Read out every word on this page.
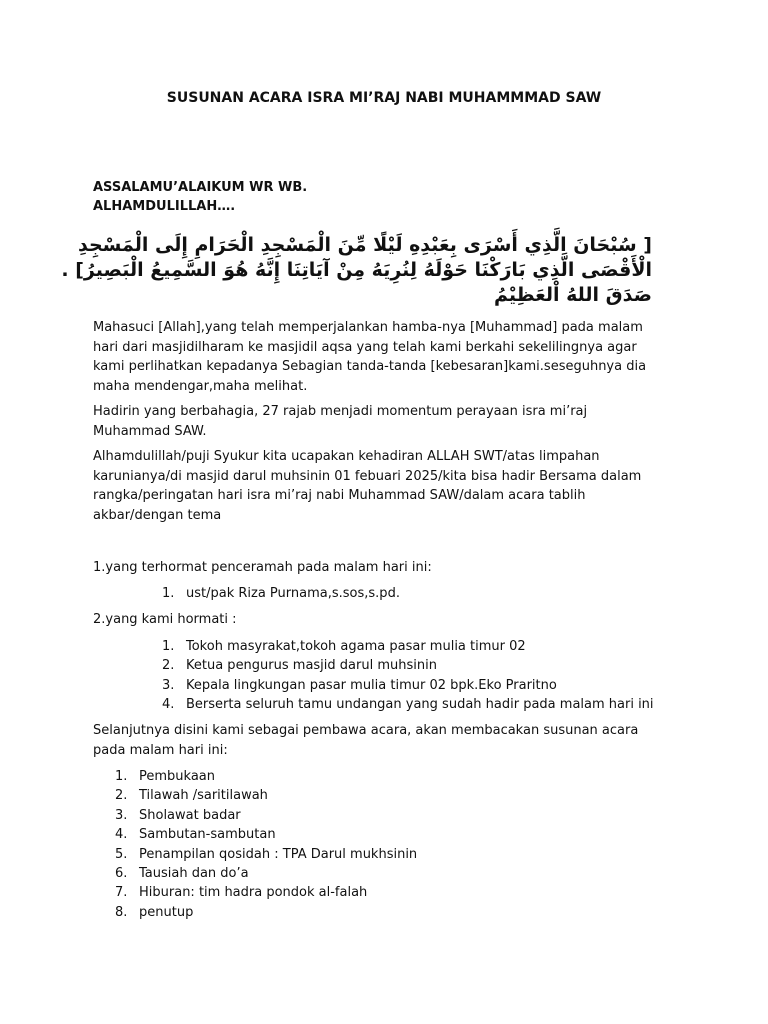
SUSUNAN ACARA ISRA MI’RAJ NABI MUHAMMMAD SAW
ASSALAMU’ALAIKUM WR WB.
ALHAMDULILLAH….
[ سُبْحَانَ الَّذِي أَسْرَى بِعَبْدِهِ لَيْلًا مِّنَ الْمَسْجِدِ الْحَرَامِ إِلَى الْمَسْجِدِ
الْأَقْصَى الَّذِي بَارَكْنَا حَوْلَهُ لِنُرِيَهُ مِنْ آيَاتِنَا إِنَّهُ هُوَ السَّمِيعُ الْبَصِيرُ] .
صَدَقَ اللهُ اْلعَظِيْمُ

Mahasuci [Allah],yang telah memperjalankan hamba-nya [Muhammad] pada malam hari dari masjidilharam ke masjidil aqsa yang telah kami berkahi sekelilingnya agar kami perlihatkan kepadanya Sebagian tanda-tanda [kebesaran]kami.seseguhnya dia maha mendengar,maha melihat.

Hadirin yang berbahagia, 27 rajab menjadi momentum perayaan isra mi’raj Muhammad SAW.

Alhamdulillah/puji Syukur kita ucapakan kehadiran ALLAH SWT/atas limpahan karunianya/di masjid darul muhsinin 01 febuari 2025/kita bisa hadir Bersama dalam rangka/peringatan hari isra mi’raj nabi Muhammad SAW/dalam acara tablih akbar/dengan tema

1.yang terhormat penceramah pada malam hari ini:
1. ust/pak Riza Purnama,s.sos,s.pd.
2.yang kami hormati :
1. Tokoh masyrakat,tokoh agama pasar mulia timur 02
2. Ketua pengurus masjid darul muhsinin
3. Kepala lingkungan pasar mulia timur 02 bpk.Eko Praritno
4. Berserta seluruh tamu undangan yang sudah hadir pada malam hari ini

Selanjutnya disini kami sebagai pembawa acara, akan membacakan susunan acara pada malam hari ini:

1. Pembukaan
2. Tilawah /saritilawah
3. Sholawat badar
4. Sambutan-sambutan
5. Penampilan qosidah : TPA Darul mukhsinin
6. Tausiah dan do’a
7. Hiburan: tim hadra pondok al-falah
8. penutup
